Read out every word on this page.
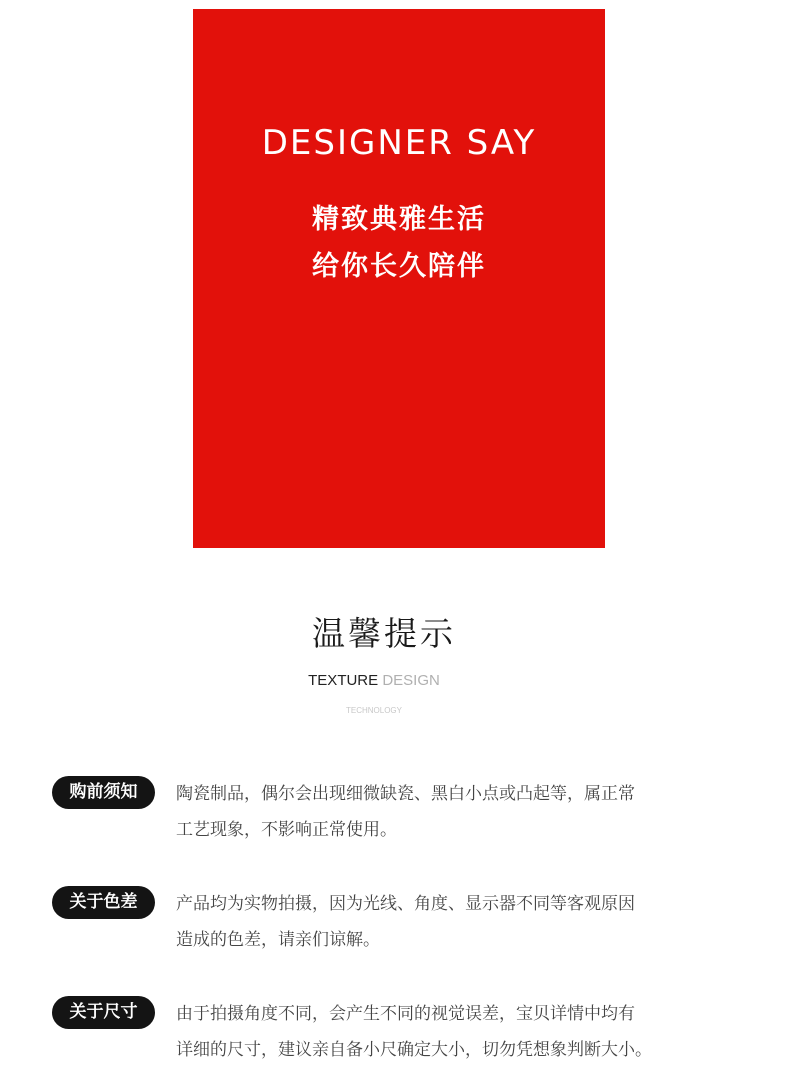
DESIGNER SAY
精致典雅生活
给你长久陪伴
温馨提示
TEXTURE DESIGN
TECHNOLOGY
购前须知	陶瓷制品，偶尔会出现细微缺瓷、黑白小点或凸起等，属正常
工艺现象，不影响正常使用。
关于色差	产品均为实物拍摄，因为光线、角度、显示器不同等客观原因
造成的色差，请亲们谅解。
关于尺寸	由于拍摄角度不同，会产生不同的视觉误差，宝贝详情中均有
详细的尺寸，建议亲自备小尺确定大小，切勿凭想象判断大小。
